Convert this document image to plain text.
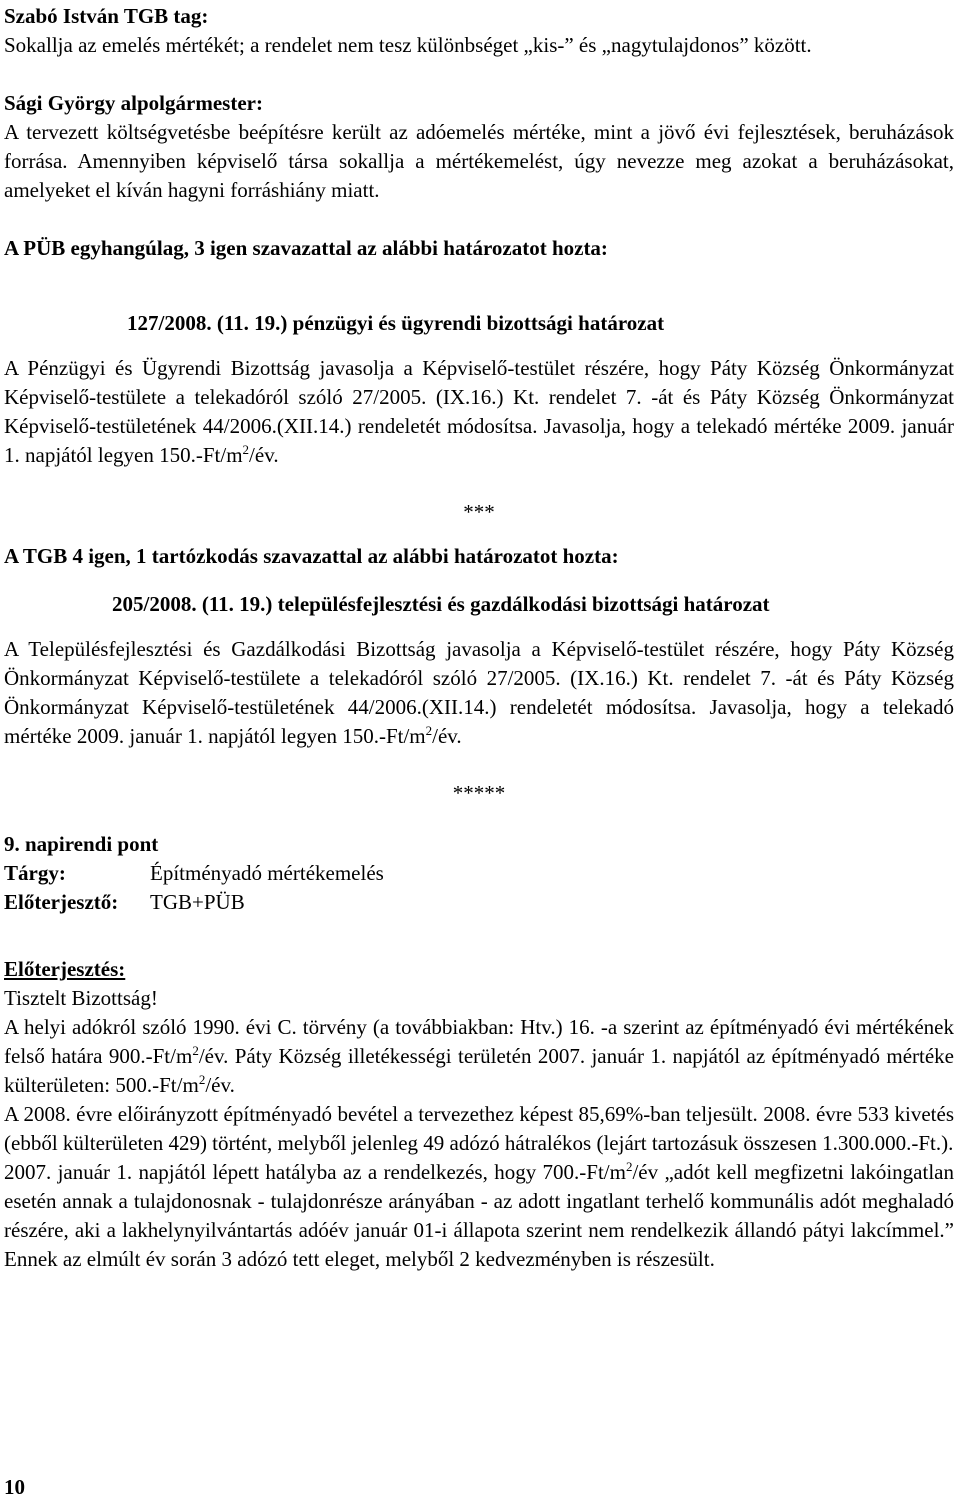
Szabó István TGB tag:

Sokallja az emelés mértékét; a rendelet nem tesz különbséget „kis-” és „nagytulajdonos” között.

Sági György alpolgármester:

A tervezett költségvetésbe beépítésre került az adóemelés mértéke, mint a jövő évi fejlesztések, beruházások forrása. Amennyiben képviselő társa sokallja a mértékemelést, úgy nevezze meg azokat a beruházásokat, amelyeket el kíván hagyni forráshiány miatt.

A PÜB egyhangúlag, 3 igen szavazattal az alábbi határozatot hozta:

127/2008. (11. 19.) pénzügyi és ügyrendi bizottsági határozat

A Pénzügyi és Ügyrendi Bizottság javasolja a Képviselő-testület részére, hogy Páty Község Önkormányzat Képviselő-testülete a telekadóról szóló 27/2005. (IX.16.) Kt. rendelet 7. -át és Páty Község Önkormányzat Képviselő-testületének 44/2006.(XII.14.) rendeletét módosítsa. Javasolja, hogy a telekadó mértéke 2009. január 1. napjától legyen $150.-Ft/m^2/év$.

***

A TGB 4 igen, 1 tartózkodás szavazattal az alábbi határozatot hozta:

205/2008. (11. 19.) településfejlesztési és gazdálkodási bizottsági határozat

A Településfejlesztési és Gazdálkodási Bizottság javasolja a Képviselő-testület részére, hogy Páty Község Önkormányzat Képviselő-testülete a telekadóról szóló 27/2005. (IX.16.) Kt. rendelet 7. -át és Páty Község Önkormányzat Képviselő-testületének 44/2006.(XII.14.) rendeletét módosítsa. Javasolja, hogy a telekadó mértéke 2009. január 1. napjától legyen $150.-Ft/m^2/év$.

*****

9. napirendi pont

Tárgy:	Építményadó mértékemelés

Előterjesztő: TGB+PÜB

Előterjesztés:

Tisztelt Bizottság!

A helyi adókról szóló 1990. évi C. törvény (a továbbiakban: Htv.) 16. -a szerint az építményadó évi mértékének felső határa $900.-Ft/m^2/év$. Páty Község illetékességi területén 2007. január 1. napjától az építményadó mértéke külterületen: $500.-Ft/m^2/év$.

A 2008. évre előirányzott építményadó bevétel a tervezethez képest 85,69%-ban teljesült. 2008. évre 533 kivetés (ebből külterületen 429) történt, melyből jelenleg 49 adózó hátralékos (lejárt tartozásuk összesen 1.300.000.-Ft.).

2007. január 1. napjától lépett hatályba az a rendelkezés, hogy $700.-Ft/m^2/év$ „adót kell megfizetni lakóingatlan esetén annak a tulajdonosnak - tulajdonrésze arányában - az adott ingatlant terhelő kommunális adót meghaladó részére, aki a lakhelynyilvántartás adóév január 01-i állapota szerint nem rendelkezik állandó pátyi lakcímmel.” Ennek az elmúlt év során 3 adózó tett eleget, melyből 2 kedvezményben is részesült.

10
